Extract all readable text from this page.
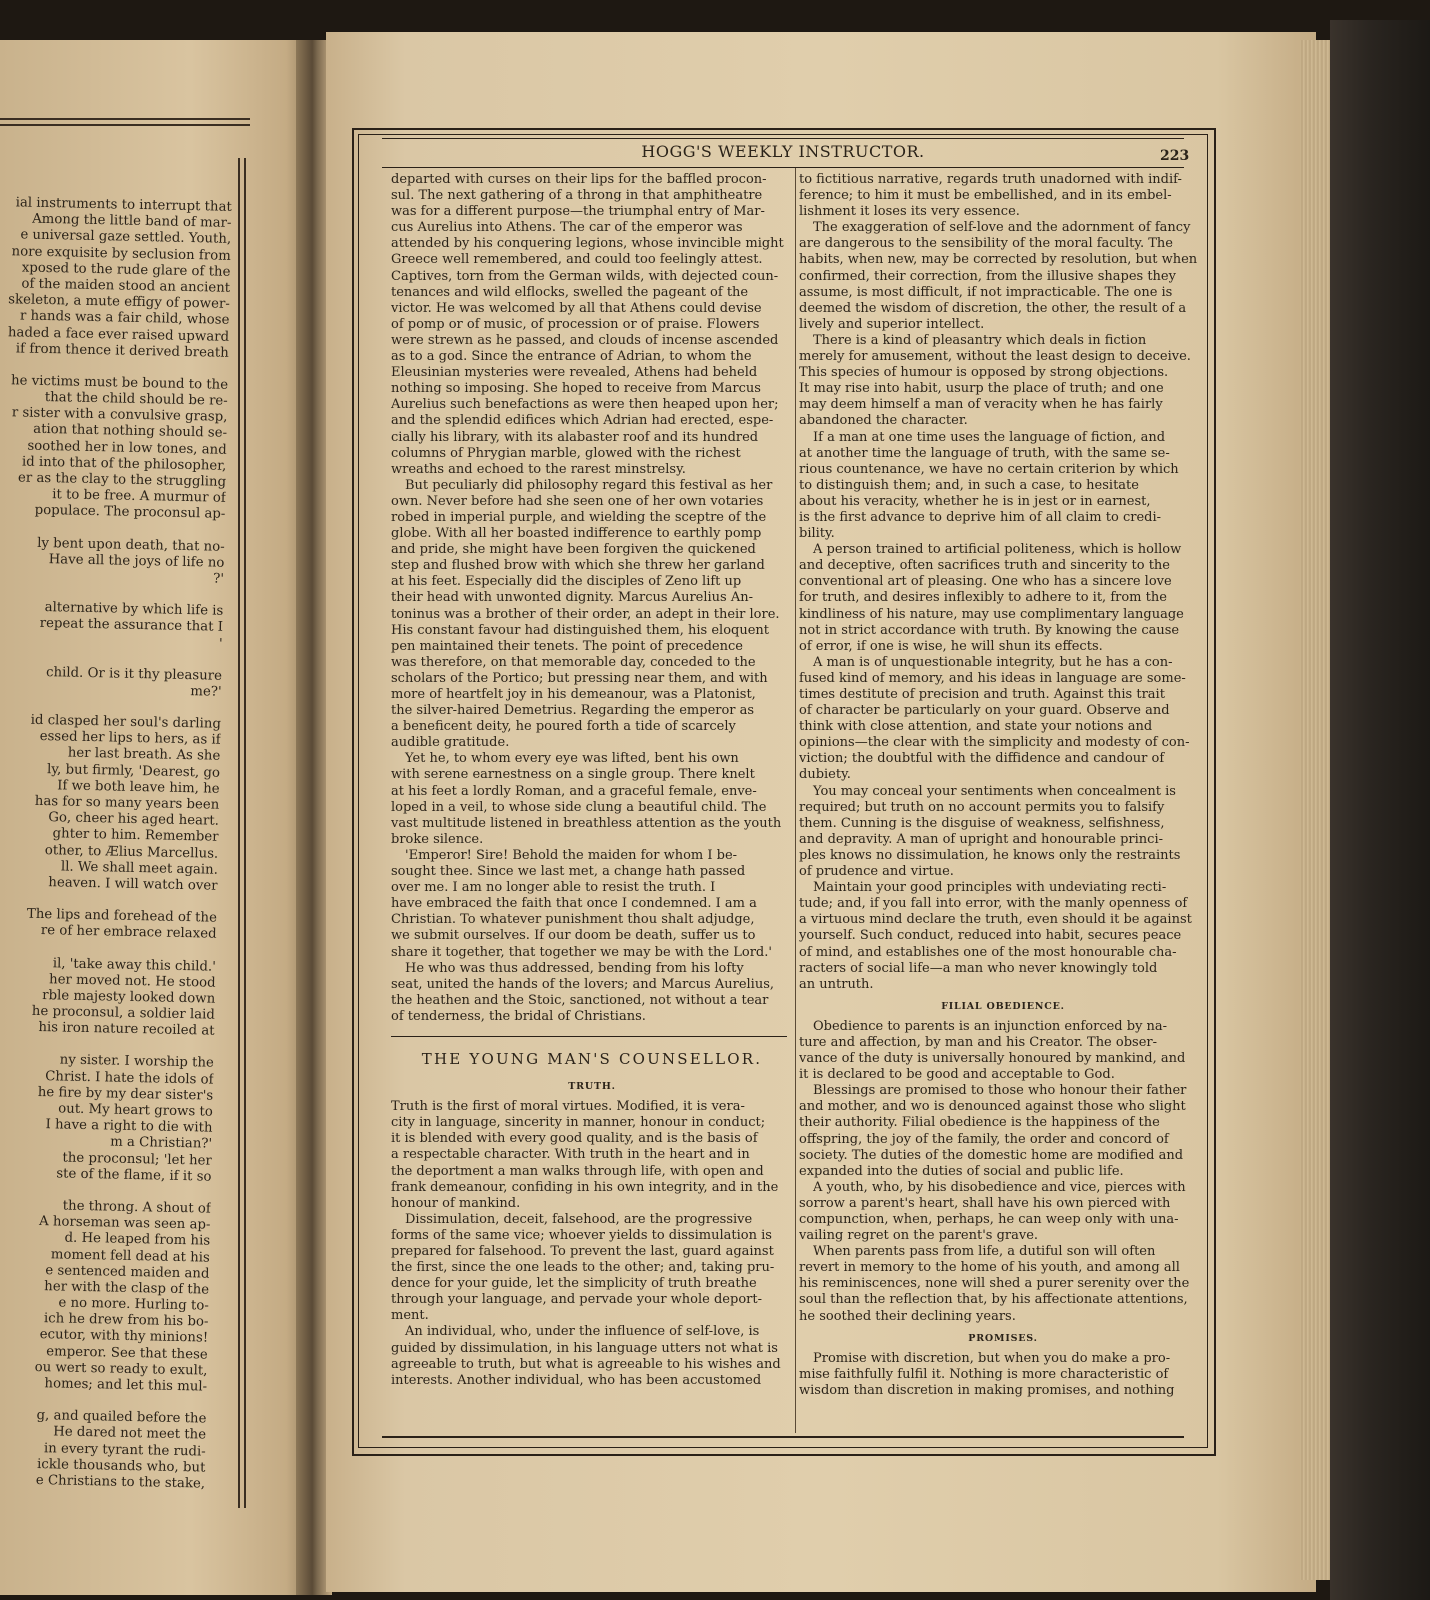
ial instruments to interrupt that
Among the little band of mar-
e universal gaze settled. Youth,
nore exquisite by seclusion from
xposed to the rude glare of the
of the maiden stood an ancient
skeleton, a mute effigy of power-
r hands was a fair child, whose
haded a face ever raised upward
if from thence it derived breath
he victims must be bound to the
that the child should be re-
r sister with a convulsive grasp,
ation that nothing should se-
soothed her in low tones, and
id into that of the philosopher,
er as the clay to the struggling
it to be free. A murmur of
populace. The proconsul ap-
ly bent upon death, that no-
Have all the joys of life no
?'
alternative by which life is
repeat the assurance that I
'
child. Or is it thy pleasure
me?'
id clasped her soul's darling
essed her lips to hers, as if
her last breath. As she
ly, but firmly, 'Dearest, go
If we both leave him, he
has for so many years been
Go, cheer his aged heart.
ghter to him. Remember
other, to Ælius Marcellus.
ll. We shall meet again.
heaven. I will watch over
The lips and forehead of the
re of her embrace relaxed
il, 'take away this child.'
her moved not. He stood
rble majesty looked down
he proconsul, a soldier laid
his iron nature recoiled at
ny sister. I worship the
Christ. I hate the idols of
he fire by my dear sister's
out. My heart grows to
I have a right to die with
m a Christian?'
the proconsul; 'let her
ste of the flame, if it so
the throng. A shout of
A horseman was seen ap-
d. He leaped from his
moment fell dead at his
e sentenced maiden and
her with the clasp of the
e no more. Hurling to-
ich he drew from his bo-
ecutor, with thy minions!
emperor. See that these
ou wert so ready to exult,
homes; and let this mul-
g, and quailed before the
He dared not meet the
in every tyrant the rudi-
ickle thousands who, but
e Christians to the stake,
HOGG'S WEEKLY INSTRUCTOR.	223
departed with curses on their lips for the baffled procon-
sul. The next gathering of a throng in that amphitheatre
was for a different purpose—the triumphal entry of Mar-
cus Aurelius into Athens. The car of the emperor was
attended by his conquering legions, whose invincible might
Greece well remembered, and could too feelingly attest.
Captives, torn from the German wilds, with dejected coun-
tenances and wild elflocks, swelled the pageant of the
victor. He was welcomed by all that Athens could devise
of pomp or of music, of procession or of praise. Flowers
were strewn as he passed, and clouds of incense ascended
as to a god. Since the entrance of Adrian, to whom the
Eleusinian mysteries were revealed, Athens had beheld
nothing so imposing. She hoped to receive from Marcus
Aurelius such benefactions as were then heaped upon her;
and the splendid edifices which Adrian had erected, espe-
cially his library, with its alabaster roof and its hundred
columns of Phrygian marble, glowed with the richest
wreaths and echoed to the rarest minstrelsy.
But peculiarly did philosophy regard this festival as her
own. Never before had she seen one of her own votaries
robed in imperial purple, and wielding the sceptre of the
globe. With all her boasted indifference to earthly pomp
and pride, she might have been forgiven the quickened
step and flushed brow with which she threw her garland
at his feet. Especially did the disciples of Zeno lift up
their head with unwonted dignity. Marcus Aurelius An-
toninus was a brother of their order, an adept in their lore.
His constant favour had distinguished them, his eloquent
pen maintained their tenets. The point of precedence
was therefore, on that memorable day, conceded to the
scholars of the Portico; but pressing near them, and with
more of heartfelt joy in his demeanour, was a Platonist,
the silver-haired Demetrius. Regarding the emperor as
a beneficent deity, he poured forth a tide of scarcely
audible gratitude.
Yet he, to whom every eye was lifted, bent his own
with serene earnestness on a single group. There knelt
at his feet a lordly Roman, and a graceful female, enve-
loped in a veil, to whose side clung a beautiful child. The
vast multitude listened in breathless attention as the youth
broke silence.
'Emperor! Sire! Behold the maiden for whom I be-
sought thee. Since we last met, a change hath passed
over me. I am no longer able to resist the truth. I
have embraced the faith that once I condemned. I am a
Christian. To whatever punishment thou shalt adjudge,
we submit ourselves. If our doom be death, suffer us to
share it together, that together we may be with the Lord.'
He who was thus addressed, bending from his lofty
seat, united the hands of the lovers; and Marcus Aurelius,
the heathen and the Stoic, sanctioned, not without a tear
of tenderness, the bridal of Christians.
THE YOUNG MAN'S COUNSELLOR.
TRUTH.
Truth is the first of moral virtues. Modified, it is vera-
city in language, sincerity in manner, honour in conduct;
it is blended with every good quality, and is the basis of
a respectable character. With truth in the heart and in
the deportment a man walks through life, with open and
frank demeanour, confiding in his own integrity, and in the
honour of mankind.
Dissimulation, deceit, falsehood, are the progressive
forms of the same vice; whoever yields to dissimulation is
prepared for falsehood. To prevent the last, guard against
the first, since the one leads to the other; and, taking pru-
dence for your guide, let the simplicity of truth breathe
through your language, and pervade your whole deport-
ment.
An individual, who, under the influence of self-love, is
guided by dissimulation, in his language utters not what is
agreeable to truth, but what is agreeable to his wishes and
interests. Another individual, who has been accustomed
to fictitious narrative, regards truth unadorned with indif-
ference; to him it must be embellished, and in its embel-
lishment it loses its very essence.
The exaggeration of self-love and the adornment of fancy
are dangerous to the sensibility of the moral faculty. The
habits, when new, may be corrected by resolution, but when
confirmed, their correction, from the illusive shapes they
assume, is most difficult, if not impracticable. The one is
deemed the wisdom of discretion, the other, the result of a
lively and superior intellect.
There is a kind of pleasantry which deals in fiction
merely for amusement, without the least design to deceive.
This species of humour is opposed by strong objections.
It may rise into habit, usurp the place of truth; and one
may deem himself a man of veracity when he has fairly
abandoned the character.
If a man at one time uses the language of fiction, and
at another time the language of truth, with the same se-
rious countenance, we have no certain criterion by which
to distinguish them; and, in such a case, to hesitate
about his veracity, whether he is in jest or in earnest,
is the first advance to deprive him of all claim to credi-
bility.
A person trained to artificial politeness, which is hollow
and deceptive, often sacrifices truth and sincerity to the
conventional art of pleasing. One who has a sincere love
for truth, and desires inflexibly to adhere to it, from the
kindliness of his nature, may use complimentary language
not in strict accordance with truth. By knowing the cause
of error, if one is wise, he will shun its effects.
A man is of unquestionable integrity, but he has a con-
fused kind of memory, and his ideas in language are some-
times destitute of precision and truth. Against this trait
of character be particularly on your guard. Observe and
think with close attention, and state your notions and
opinions—the clear with the simplicity and modesty of con-
viction; the doubtful with the diffidence and candour of
dubiety.
You may conceal your sentiments when concealment is
required; but truth on no account permits you to falsify
them. Cunning is the disguise of weakness, selfishness,
and depravity. A man of upright and honourable princi-
ples knows no dissimulation, he knows only the restraints
of prudence and virtue.
Maintain your good principles with undeviating recti-
tude; and, if you fall into error, with the manly openness of
a virtuous mind declare the truth, even should it be against
yourself. Such conduct, reduced into habit, secures peace
of mind, and establishes one of the most honourable cha-
racters of social life—a man who never knowingly told
an untruth.
FILIAL OBEDIENCE.
Obedience to parents is an injunction enforced by na-
ture and affection, by man and his Creator. The obser-
vance of the duty is universally honoured by mankind, and
it is declared to be good and acceptable to God.
Blessings are promised to those who honour their father
and mother, and wo is denounced against those who slight
their authority. Filial obedience is the happiness of the
offspring, the joy of the family, the order and concord of
society. The duties of the domestic home are modified and
expanded into the duties of social and public life.
A youth, who, by his disobedience and vice, pierces with
sorrow a parent's heart, shall have his own pierced with
compunction, when, perhaps, he can weep only with una-
vailing regret on the parent's grave.
When parents pass from life, a dutiful son will often
revert in memory to the home of his youth, and among all
his reminiscences, none will shed a purer serenity over the
soul than the reflection that, by his affectionate attentions,
he soothed their declining years.
PROMISES.
Promise with discretion, but when you do make a pro-
mise faithfully fulfil it. Nothing is more characteristic of
wisdom than discretion in making promises, and nothing
